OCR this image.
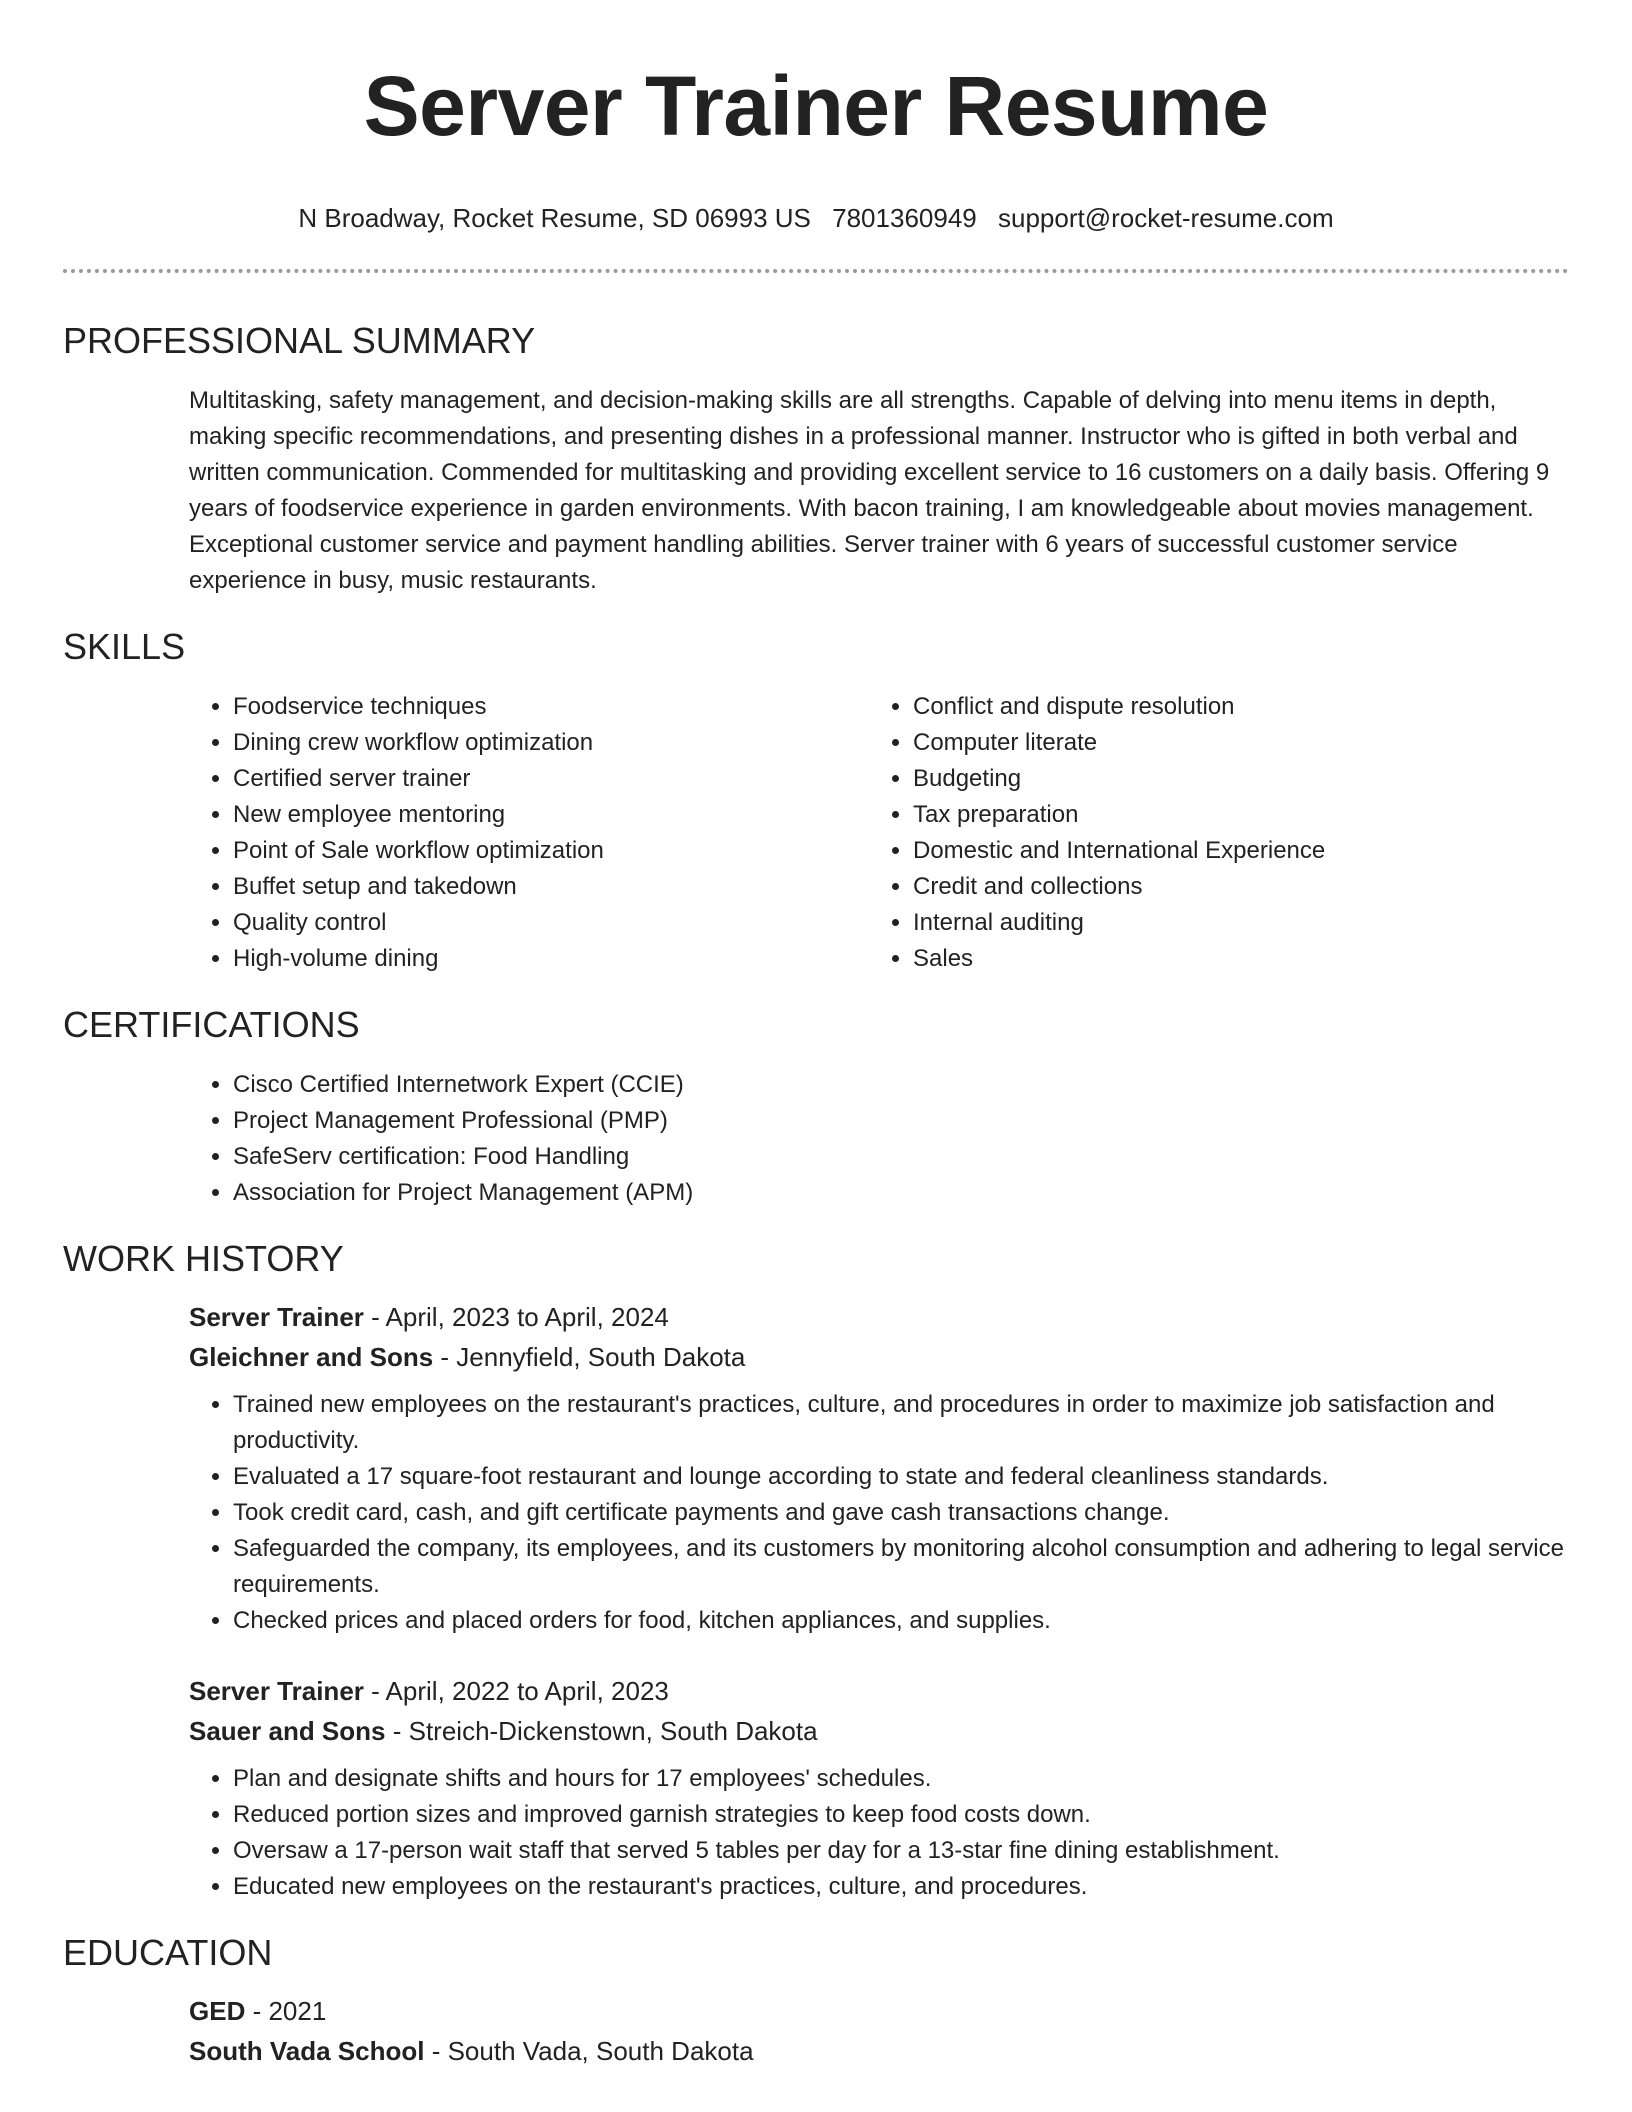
Server Trainer Resume
N Broadway, Rocket Resume, SD 06993 US 7801360949 support@rocket-resume.com
PROFESSIONAL SUMMARY

Multitasking, safety management, and decision-making skills are all strengths. Capable of delving into menu items in depth, making specific recommendations, and presenting dishes in a professional manner. Instructor who is gifted in both verbal and written communication. Commended for multitasking and providing excellent service to 16 customers on a daily basis. Offering 9 years of foodservice experience in garden environments. With bacon training, I am knowledgeable about movies management. Exceptional customer service and payment handling abilities. Server trainer with 6 years of successful customer service experience in busy, music restaurants.

SKILLS
• Foodservice techniques
• Dining crew workflow optimization
• Certified server trainer
• New employee mentoring
• Point of Sale workflow optimization
• Buffet setup and takedown
• Quality control
• High-volume dining
• Conflict and dispute resolution
• Computer literate
• Budgeting
• Tax preparation
• Domestic and International Experience
• Credit and collections
• Internal auditing
• Sales
CERTIFICATIONS
• Cisco Certified Internetwork Expert (CCIE)
• Project Management Professional (PMP)
• SafeServ certification: Food Handling
• Association for Project Management (APM)
WORK HISTORY
Server Trainer - April, 2023 to April, 2024
Gleichner and Sons - Jennyfield, South Dakota
• Trained new employees on the restaurant's practices, culture, and procedures in order to maximize job satisfaction and productivity.
• Evaluated a 17 square-foot restaurant and lounge according to state and federal cleanliness standards.
• Took credit card, cash, and gift certificate payments and gave cash transactions change.
• Safeguarded the company, its employees, and its customers by monitoring alcohol consumption and adhering to legal service requirements.
• Checked prices and placed orders for food, kitchen appliances, and supplies.
Server Trainer - April, 2022 to April, 2023
Sauer and Sons - Streich-Dickenstown, South Dakota
• Plan and designate shifts and hours for 17 employees' schedules.
• Reduced portion sizes and improved garnish strategies to keep food costs down.
• Oversaw a 17-person wait staff that served 5 tables per day for a 13-star fine dining establishment.
• Educated new employees on the restaurant's practices, culture, and procedures.
EDUCATION
GED - 2021
South Vada School - South Vada, South Dakota
